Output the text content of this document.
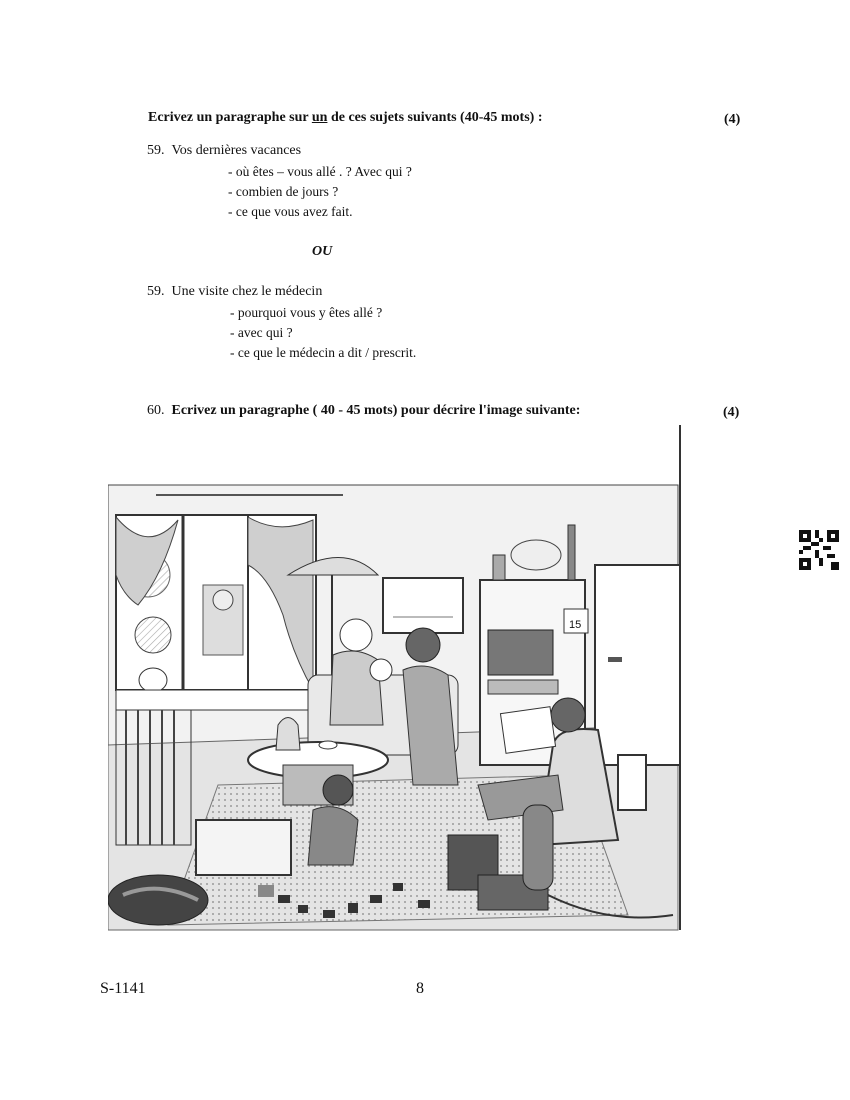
Ecrivez un paragraphe sur un de ces sujets suivants (40-45 mots) :	(4)
59. Vos dernières vacances
- où êtes – vous allé . ? Avec qui ?
- combien de jours ?
- ce que vous avez fait.
OU
59. Une visite chez le médecin
- pourquoi vous y êtes allé ?
- avec qui ?
- ce que le médecin a dit / prescrit.
60. Ecrivez un paragraphe ( 40 - 45 mots) pour décrire l'image suivante:	(4)
15
S-1141	8
